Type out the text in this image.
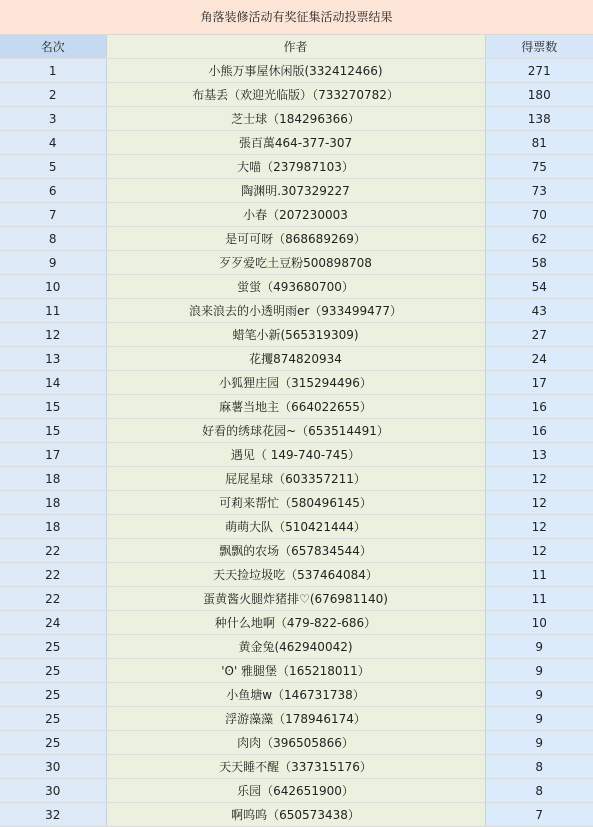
角落装修活动有奖征集活动投票结果
名次	作者	得票数
1	小熊万事屋休闲版(332412466)	271
2	布基丢（欢迎光临版）（733270782）	180
3	芝士球（184296366）	138
4	張百萬464-377-307	81
5	大喵（237987103）	75
6	陶渊明.307329227	73
7	小春（207230003	70
8	是可可呀（868689269）	62
9	歹歹爱吃土豆粉500898708	58
10	蛍蛍（493680700）	54
11	浪来浪去的小透明雨er（933499477）	43
12	蜡笔小新(565319309)	27
13	花攫874820934	24
14	小狐狸庄园（315294496）	17
15	麻薯当地主（664022655）	16
15	好看的绣球花园~（653514491）	16
17	遇见（ 149-740-745）	13
18	屁屁星球（603357211）	12
18	可莉来帮忙（580496145）	12
18	萌萌大队（510421444）	12
22	飘飘的农场（657834544）	12
22	天天捡垃圾吃（537464084）	11
22	蛋黄酱火腿炸猪排♡(676981140)	11
24	种什么地啊（479-822-686）	10
25	黄金兔(462940042)	9
25	'ʘ' 雅腿堡（165218011）	9
25	小鱼塘w（146731738）	9
25	浮游藻藻（178946174）	9
25	肉肉（396505866）	9
30	天天睡不醒（337315176）	8
30	乐园（642651900）	8
32	啊呜呜（650573438）	7
